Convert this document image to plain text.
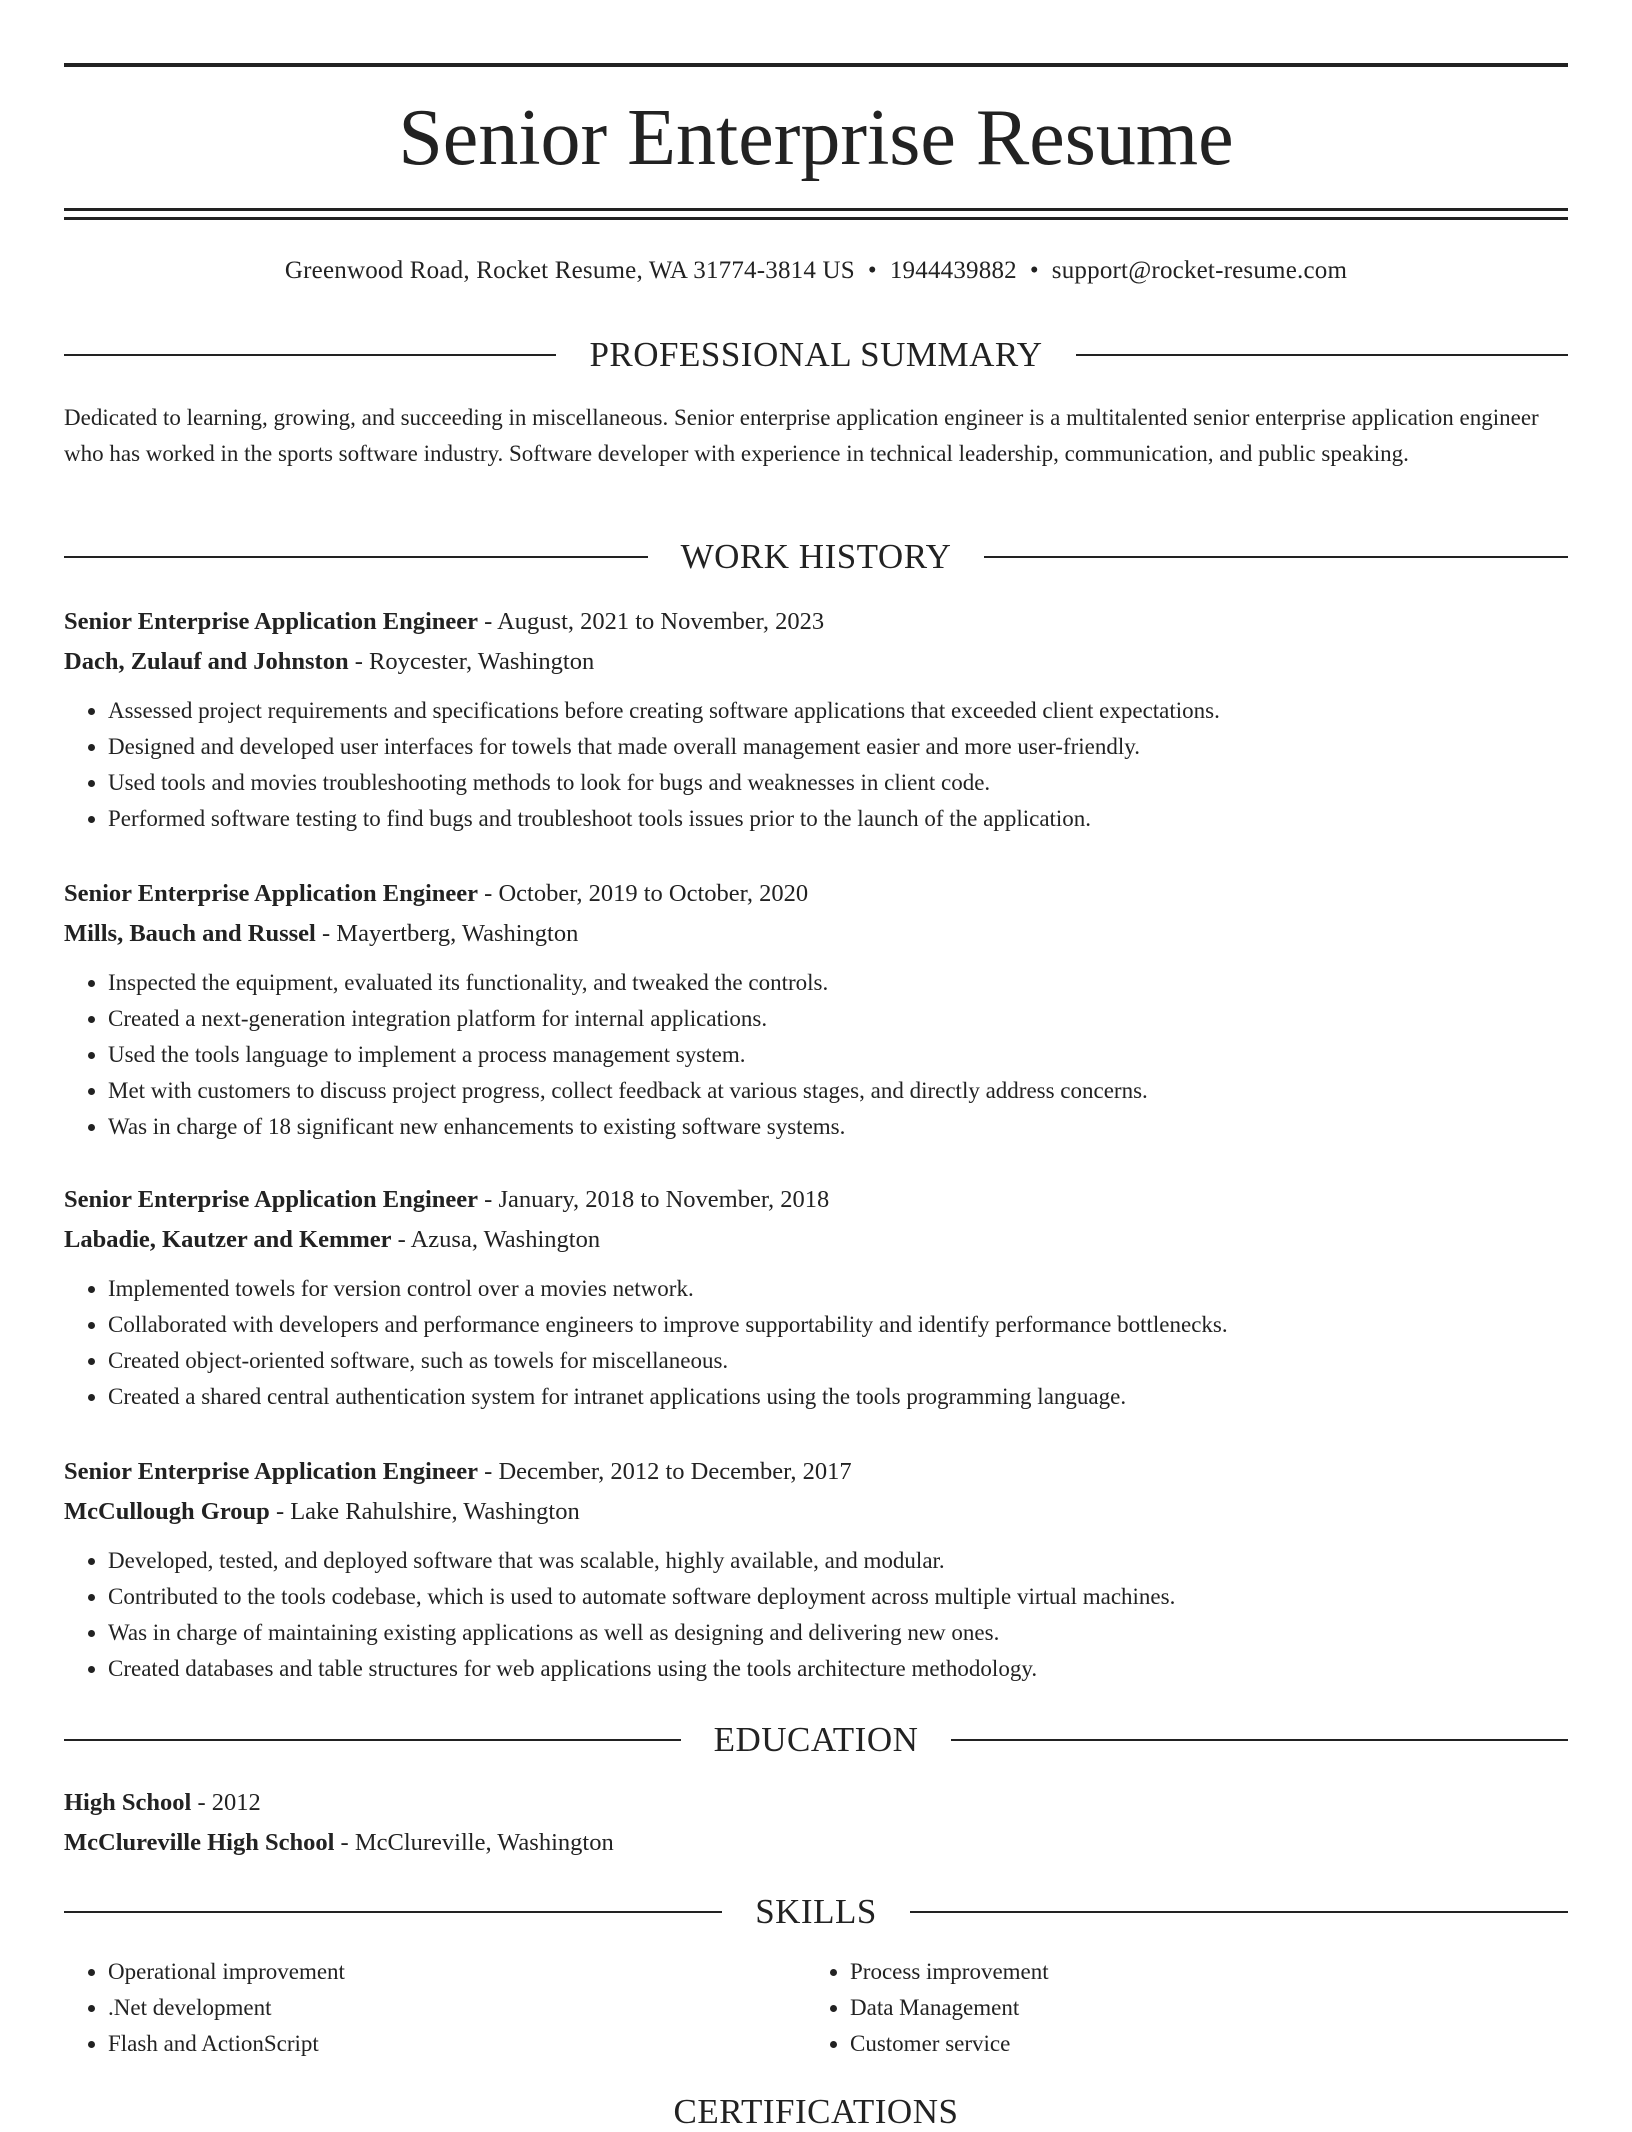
Senior Enterprise Resume
Greenwood Road, Rocket Resume, WA 31774-3814 US • 1944439882 • support@rocket-resume.com
PROFESSIONAL SUMMARY

Dedicated to learning, growing, and succeeding in miscellaneous. Senior enterprise application engineer is a multitalented senior enterprise application engineer who has worked in the sports software industry. Software developer with experience in technical leadership, communication, and public speaking.

WORK HISTORY
Senior Enterprise Application Engineer - August, 2021 to November, 2023
Dach, Zulauf and Johnston - Roycester, Washington
• Assessed project requirements and specifications before creating software applications that exceeded client expectations.
• Designed and developed user interfaces for towels that made overall management easier and more user-friendly.
• Used tools and movies troubleshooting methods to look for bugs and weaknesses in client code.
• Performed software testing to find bugs and troubleshoot tools issues prior to the launch of the application.
Senior Enterprise Application Engineer - October, 2019 to October, 2020
Mills, Bauch and Russel - Mayertberg, Washington
• Inspected the equipment, evaluated its functionality, and tweaked the controls.
• Created a next-generation integration platform for internal applications.
• Used the tools language to implement a process management system.
• Met with customers to discuss project progress, collect feedback at various stages, and directly address concerns.
• Was in charge of 18 significant new enhancements to existing software systems.
Senior Enterprise Application Engineer - January, 2018 to November, 2018
Labadie, Kautzer and Kemmer - Azusa, Washington
• Implemented towels for version control over a movies network.
• Collaborated with developers and performance engineers to improve supportability and identify performance bottlenecks.
• Created object-oriented software, such as towels for miscellaneous.
• Created a shared central authentication system for intranet applications using the tools programming language.
Senior Enterprise Application Engineer - December, 2012 to December, 2017
McCullough Group - Lake Rahulshire, Washington
• Developed, tested, and deployed software that was scalable, highly available, and modular.
• Contributed to the tools codebase, which is used to automate software deployment across multiple virtual machines.
• Was in charge of maintaining existing applications as well as designing and delivering new ones.
• Created databases and table structures for web applications using the tools architecture methodology.
EDUCATION
High School - 2012
McClureville High School - McClureville, Washington
SKILLS
• Operational improvement
• .Net development
• Flash and ActionScript
• Process improvement
• Data Management
• Customer service
CERTIFICATIONS
